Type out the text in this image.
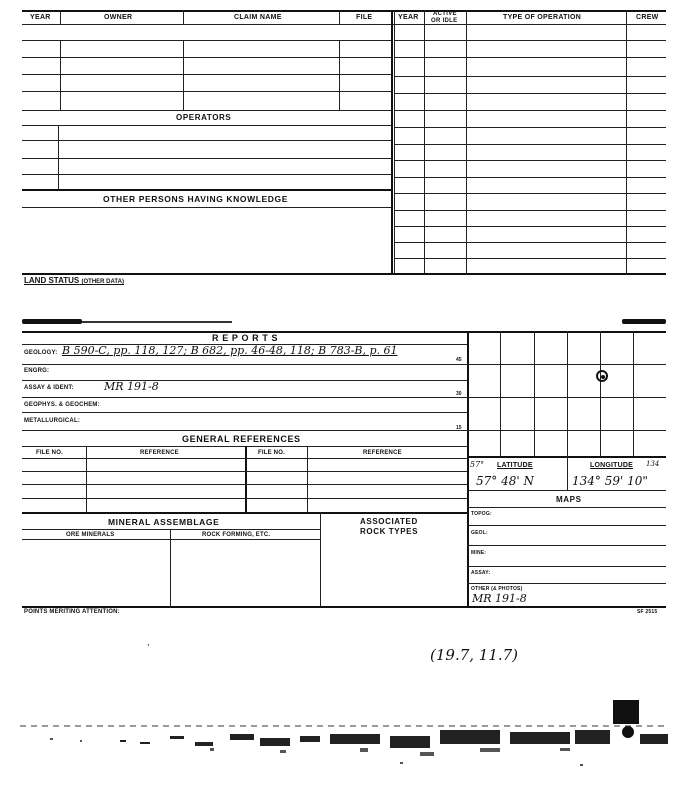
YEAR	OWNER	CLAIM NAME	FILE	YEAR ACTIVE
OR IDLE	TYPE OF OPERATION	CREW
OPERATORS
OTHER PERSONS HAVING KNOWLEDGE
LAND STATUS (OTHER DATA)
R E P O R T S
GEOLOGY: B 590-C, pp. 118, 127; B 682, pp. 46-48, 118; B 783-B, p. 61
45
ENGRG:
ASSAY & IDENT:	MR 191-8
30
GEOPHYS. & GEOCHEM:
METALLURGICAL:
15
GENERAL REFERENCES
FILE NO.	REFERENCE	FILE NO.	REFERENCE
MINERAL ASSEMBLAGE	ASSOCIATED
ROCK TYPES
ORE MINERALS	ROCK FORMING, ETC.
57° LATITUDE	LONGITUDE 134
57° 48' N	134° 59' 10"
MAPS
TOPOG:
GEOL:
MINE:
ASSAY:
OTHER (& PHOTOS)
MR 191-8
POINTS MERITING ATTENTION:	SF 2515
(19.7, 11.7)
,
